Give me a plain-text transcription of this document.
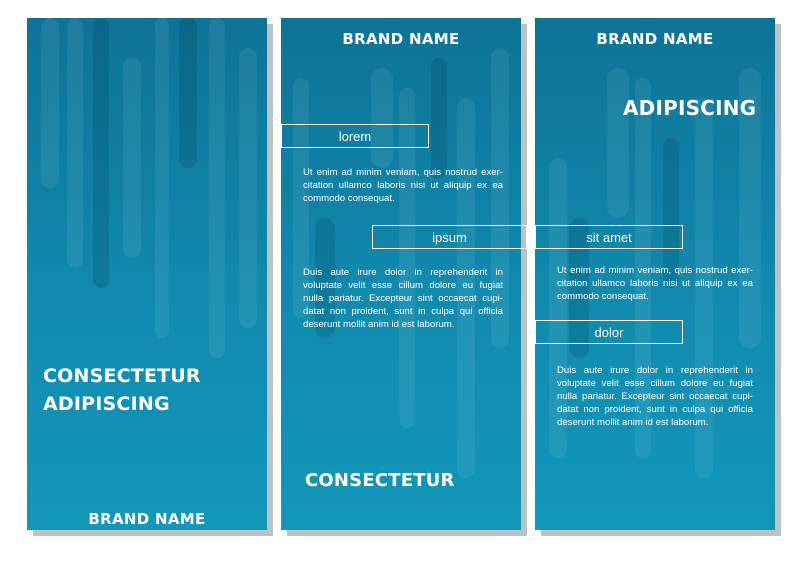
CONSECTETUR
ADIPISCING
BRAND NAME
BRAND NAME
Ut enim ad minim veniam, quis nostrud exer-citation ullamco laboris nisi ut aliquip ex ea commodo consequat.
Duis aute irure dolor in reprehenderit in voluptate velit esse cillum dolore eu fugiat nulla pariatur. Excepteur sint occaecat cupi-datat non proident, sunt in culpa qui officia deserunt mollit anim id est laborum.
CONSECTETUR
BRAND NAME
ADIPISCING
Ut enim ad minim veniam, quis nostrud exer-citation ullamco laboris nisi ut aliquip ex ea commodo consequat.
Duis aute irure dolor in reprehenderit in voluptate velit esse cillum dolore eu fugiat nulla pariatur. Excepteur sint occaecat cupi-datat non proident, sunt in culpa qui officia deserunt mollit anim id est laborum.
lorem
ipsum	sit amet
dolor
